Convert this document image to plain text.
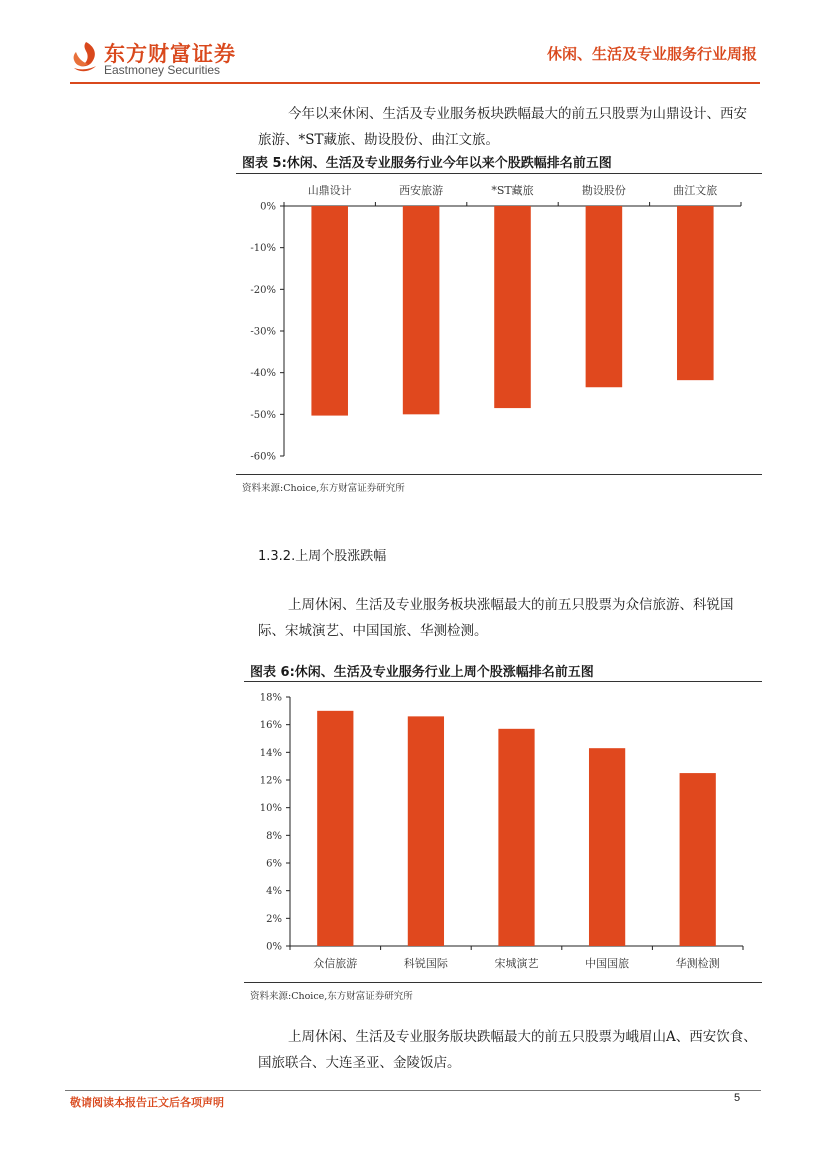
东方财富证券
Eastmoney Securities
休闲、生活及专业服务行业周报
今年以来休闲、生活及专业服务板块跌幅最大的前五只股票为山鼎设计、西安旅游、*ST藏旅、勘设股份、曲江文旅。
图表 5:休闲、生活及专业服务行业今年以来个股跌幅排名前五图
0%
-10%
-20%
-30%
-40%
-50%
-60%
山鼎设计	西安旅游	*ST藏旅	勘设股份	曲江文旅
资料来源:Choice,东方财富证券研究所
1.3.2.上周个股涨跌幅
上周休闲、生活及专业服务板块涨幅最大的前五只股票为众信旅游、科锐国际、宋城演艺、中国国旅、华测检测。
图表 6:休闲、生活及专业服务行业上周个股涨幅排名前五图
0%
2%
4%
6%
8%
10%
12%
14%
16%
18%
众信旅游	科锐国际	宋城演艺	中国国旅	华测检测
资料来源:Choice,东方财富证券研究所
上周休闲、生活及专业服务版块跌幅最大的前五只股票为峨眉山A、西安饮食、国旅联合、大连圣亚、金陵饭店。
敬请阅读本报告正文后各项声明	5
